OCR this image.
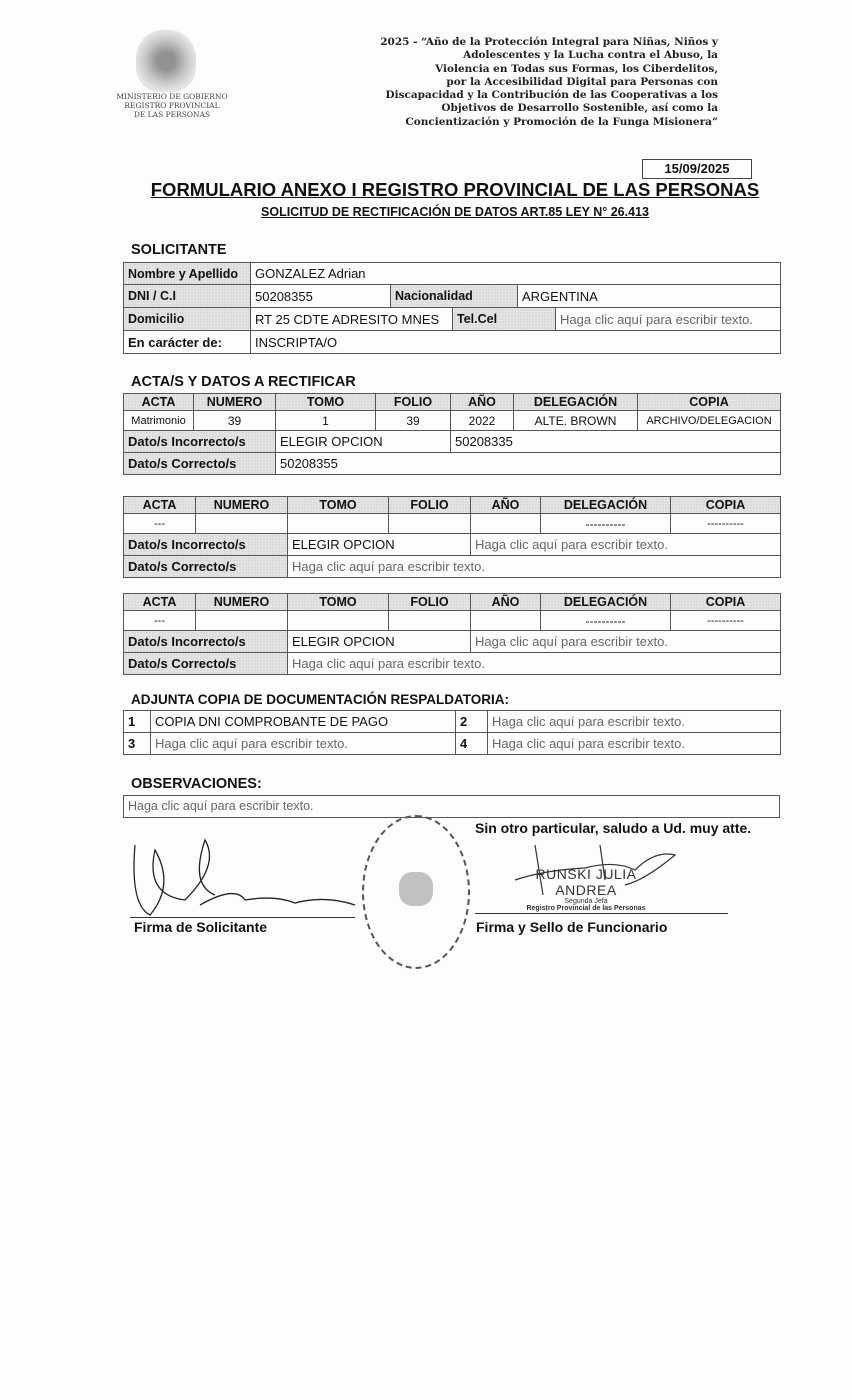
MINISTERIO DE GOBIERNO
REGISTRO PROVINCIAL
DE LAS PERSONAS
2025 - “Año de la Protección Integral para Niñas, Niños y
Adolescentes y la Lucha contra el Abuso, la
Violencia en Todas sus Formas, los Ciberdelitos,
por la Accesibilidad Digital para Personas con
Discapacidad y la Contribución de las Cooperativas a los
Objetivos de Desarrollo Sostenible, así como la
Concientización y Promoción de la Funga Misionera”
15/09/2025
FORMULARIO ANEXO I REGISTRO PROVINCIAL DE LAS PERSONAS
SOLICITUD DE RECTIFICACIÓN DE DATOS ART.85 LEY N° 26.413
SOLICITANTE
Nombre y Apellido	GONZALEZ Adrian				
DNI / C.I	50208355	Nacionalidad		ARGENTINA	
Domicilio	RT 25 CDTE ADRESITO MNES		Tel.Cel		Haga clic aquí para escribir texto.
En carácter de:	INSCRIPTA/O				
ACTA/S Y DATOS A RECTIFICAR
ACTA	NUMERO	TOMO	FOLIO	AÑO	DELEGACIÓN	COPIA
Matrimonio	39	1	39	2022	ALTE. BROWN	ARCHIVO/DELEGACION
Dato/s Incorrecto/s		ELEGIR OPCION		50208335		
Dato/s Correcto/s		50208355				
ACTA	NUMERO	TOMO	FOLIO	AÑO	DELEGACIÓN	COPIA
---					----------	----------
Dato/s Incorrecto/s		ELEGIR OPCION		Haga clic aquí para escribir texto.		
Dato/s Correcto/s		Haga clic aquí para escribir texto.				
ACTA	NUMERO	TOMO	FOLIO	AÑO	DELEGACIÓN	COPIA
---					----------	----------
Dato/s Incorrecto/s		ELEGIR OPCION		Haga clic aquí para escribir texto.		
Dato/s Correcto/s		Haga clic aquí para escribir texto.				
ADJUNTA COPIA DE DOCUMENTACIÓN RESPALDATORIA:
1	COPIA DNI COMPROBANTE DE PAGO	2	Haga clic aquí para escribir texto.
3	Haga clic aquí para escribir texto.	4	Haga clic aquí para escribir texto.
OBSERVACIONES:
Haga clic aquí para escribir texto.
Sin otro particular, saludo a Ud. muy atte.
Firma de Solicitante
RUNSKI JULIA ANDREA
Segunda Jefa
Registro Provincial de las Personas
Firma y Sello de Funcionario
